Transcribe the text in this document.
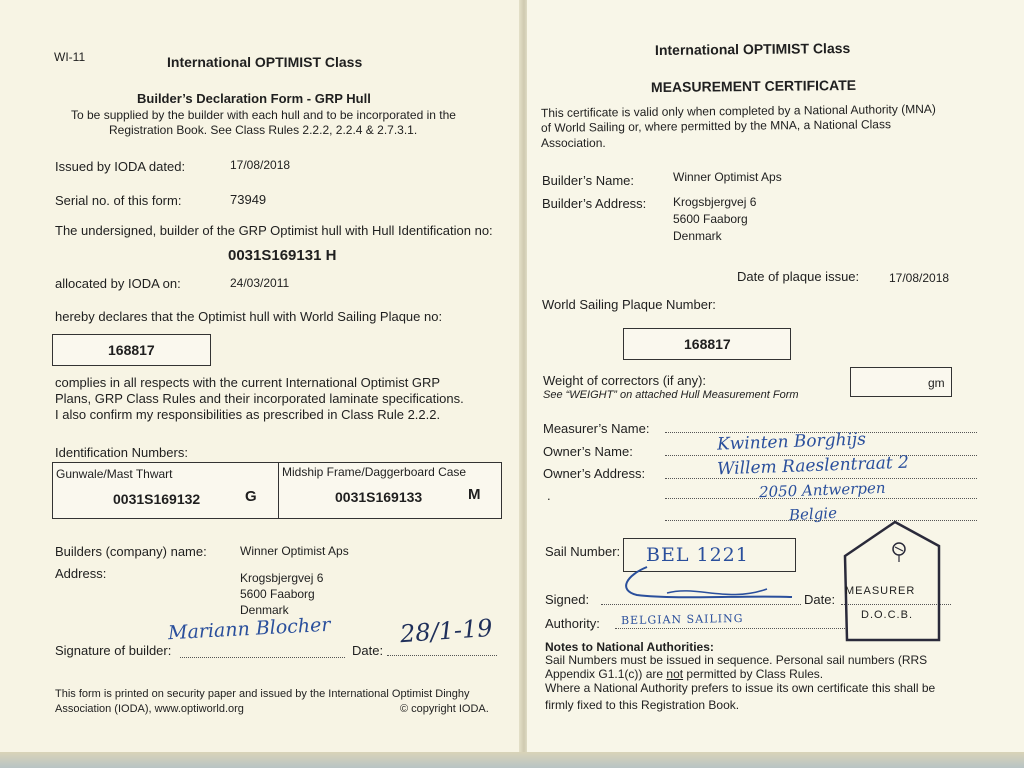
WI-11	International OPTIMIST Class
Builder’s Declaration Form - GRP Hull
To be supplied by the builder with each hull and to be incorporated in the
Registration Book. See Class Rules 2.2.2, 2.2.4 & 2.7.3.1.
Issued by IODA dated:	17/08/2018
Serial no. of this form:	73949
The undersigned, builder of the GRP Optimist hull with Hull Identification no:
0031S169131 H
allocated by IODA on:	24/03/2011
hereby declares that the Optimist hull with World Sailing Plaque no:
168817
complies in all respects with the current International Optimist GRP
Plans, GRP Class Rules and their incorporated laminate specifications.
I also confirm my responsibilities as prescribed in Class Rule 2.2.2.
Identification Numbers:
Gunwale/Mast Thwart
0031S169132	G
Midship Frame/Daggerboard Case
0031S169133	M
Builders (company) name:	Winner Optimist Aps
Address:	Krogsbjergvej 6
5600 Faaborg
Denmark
Signature of builder:
Mariann Blocher
Date:
28/1-19
This form is printed on security paper and issued by the International Optimist Dinghy
Association (IODA), www.optiworld.org	© copyright IODA.
International OPTIMIST Class
MEASUREMENT CERTIFICATE
This certificate is valid only when completed by a National Authority (MNA)
of World Sailing or, where permitted by the MNA, a National Class
Association.
Builder’s Name:	Winner Optimist Aps
Builder’s Address: Krogsbjergvej 6
5600 Faaborg
Denmark
Date of plaque issue: 17/08/2018
World Sailing Plaque Number:
168817
Weight of correctors (if any):
See “WEIGHT” on attached Hull Measurement Form
gm
Measurer’s Name:
Owner’s Name:	Kwinten Borghijs
Owner’s Address:	Willem Raeslentraat 2
.	2050 Antwerpen
Belgie
Sail Number: BEL 1221
Signed:	Date:
Authority: BELGIAN SAILING
MEASURER
D.O.C.B.
Notes to National Authorities:
Sail Numbers must be issued in sequence. Personal sail numbers (RRS
Appendix G1.1(c)) are not permitted by Class Rules.
Where a National Authority prefers to issue its own certificate this shall be
firmly fixed to this Registration Book.
